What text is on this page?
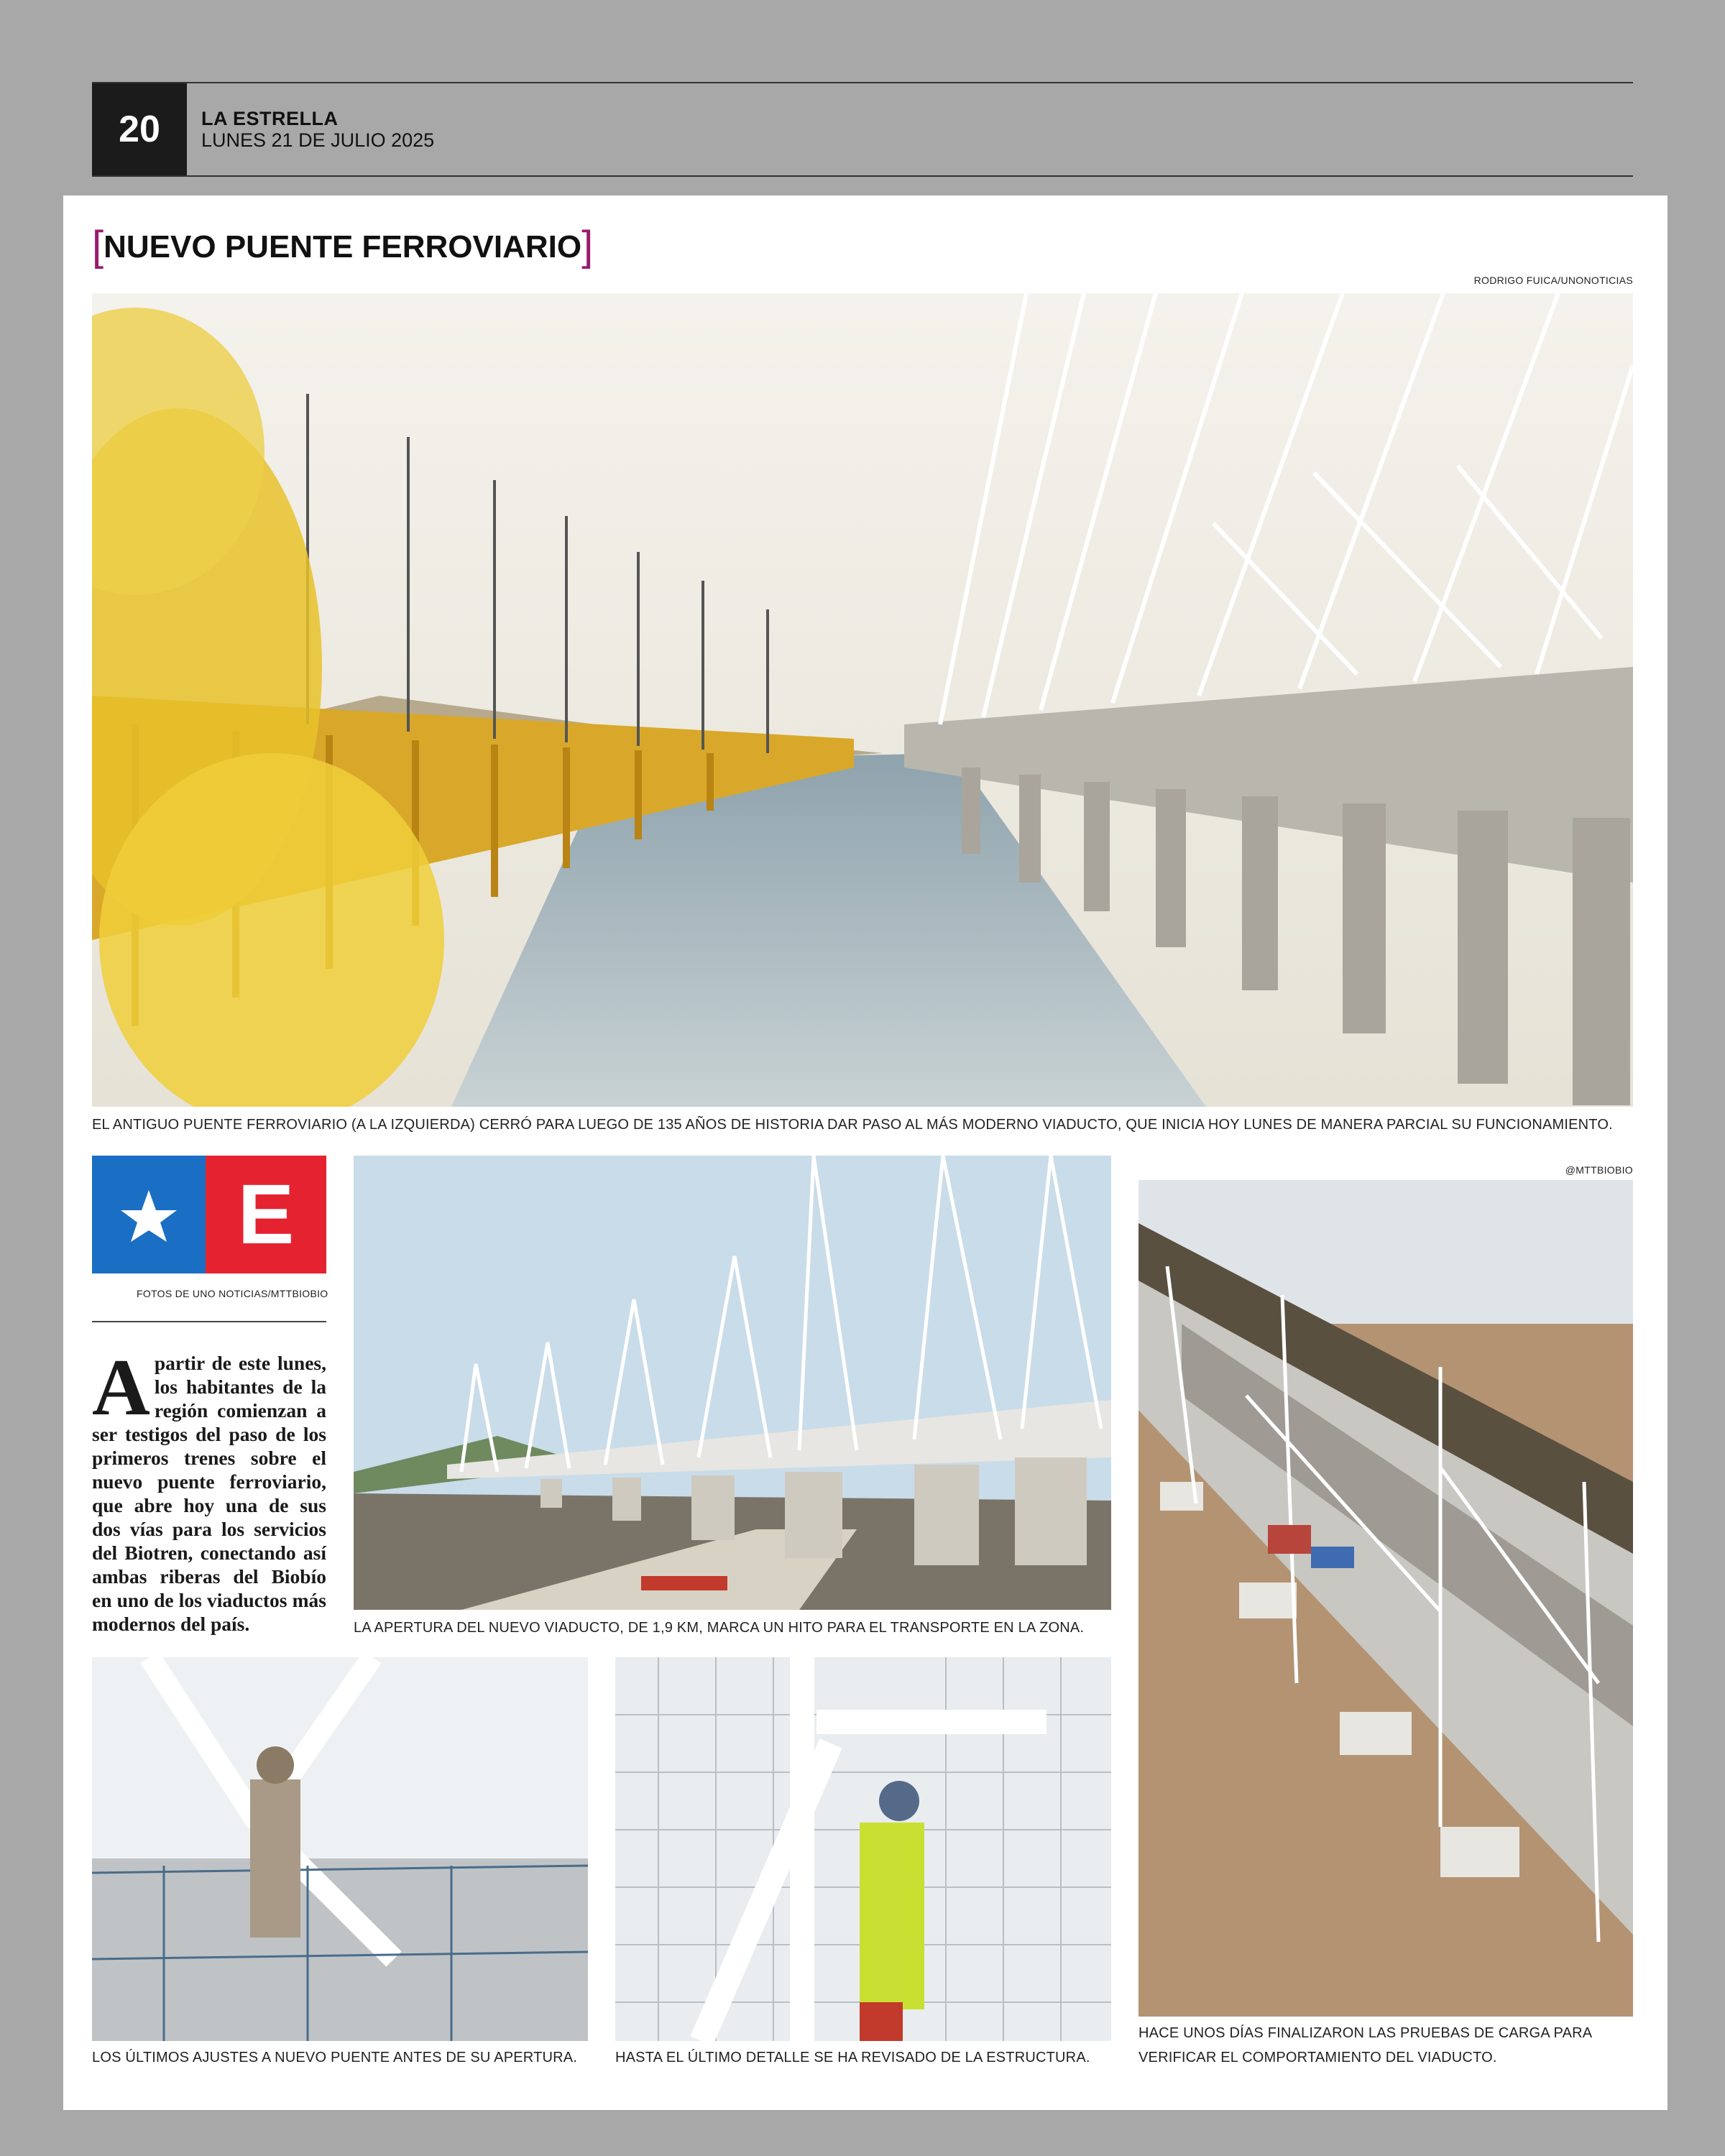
20	LA ESTRELLA
LUNES 21 DE JULIO 2025
[NUEVO PUENTE FERROVIARIO]
RODRIGO FUICA/UNONOTICIAS
EL ANTIGUO PUENTE FERROVIARIO (A LA IZQUIERDA) CERRÓ PARA LUEGO DE 135 AÑOS DE HISTORIA DAR PASO AL MÁS MODERNO VIADUCTO, QUE INICIA HOY LUNES DE MANERA PARCIAL SU FUNCIONAMIENTO.
E
FOTOS DE UNO NOTICIAS/MTTBIOBIO
Apartir de este lunes, los habitantes de la región comienzan a ser testigos del paso de los primeros trenes sobre el nuevo puente ferroviario, que abre hoy una de sus dos vías para los servicios del Biotren, conectando así ambas riberas del Biobío en uno de los viaductos más modernos del país.	LA APERTURA DEL NUEVO VIADUCTO, DE 1,9 KM, MARCA UN HITO PARA EL TRANSPORTE EN LA ZONA.
@MTTBIOBIO
HACE UNOS DÍAS FINALIZARON LAS PRUEBAS DE CARGA PARA
VERIFICAR EL COMPORTAMIENTO DEL VIADUCTO.
LOS ÚLTIMOS AJUSTES A NUEVO PUENTE ANTES DE SU APERTURA.	HASTA EL ÚLTIMO DETALLE SE HA REVISADO DE LA ESTRUCTURA.
